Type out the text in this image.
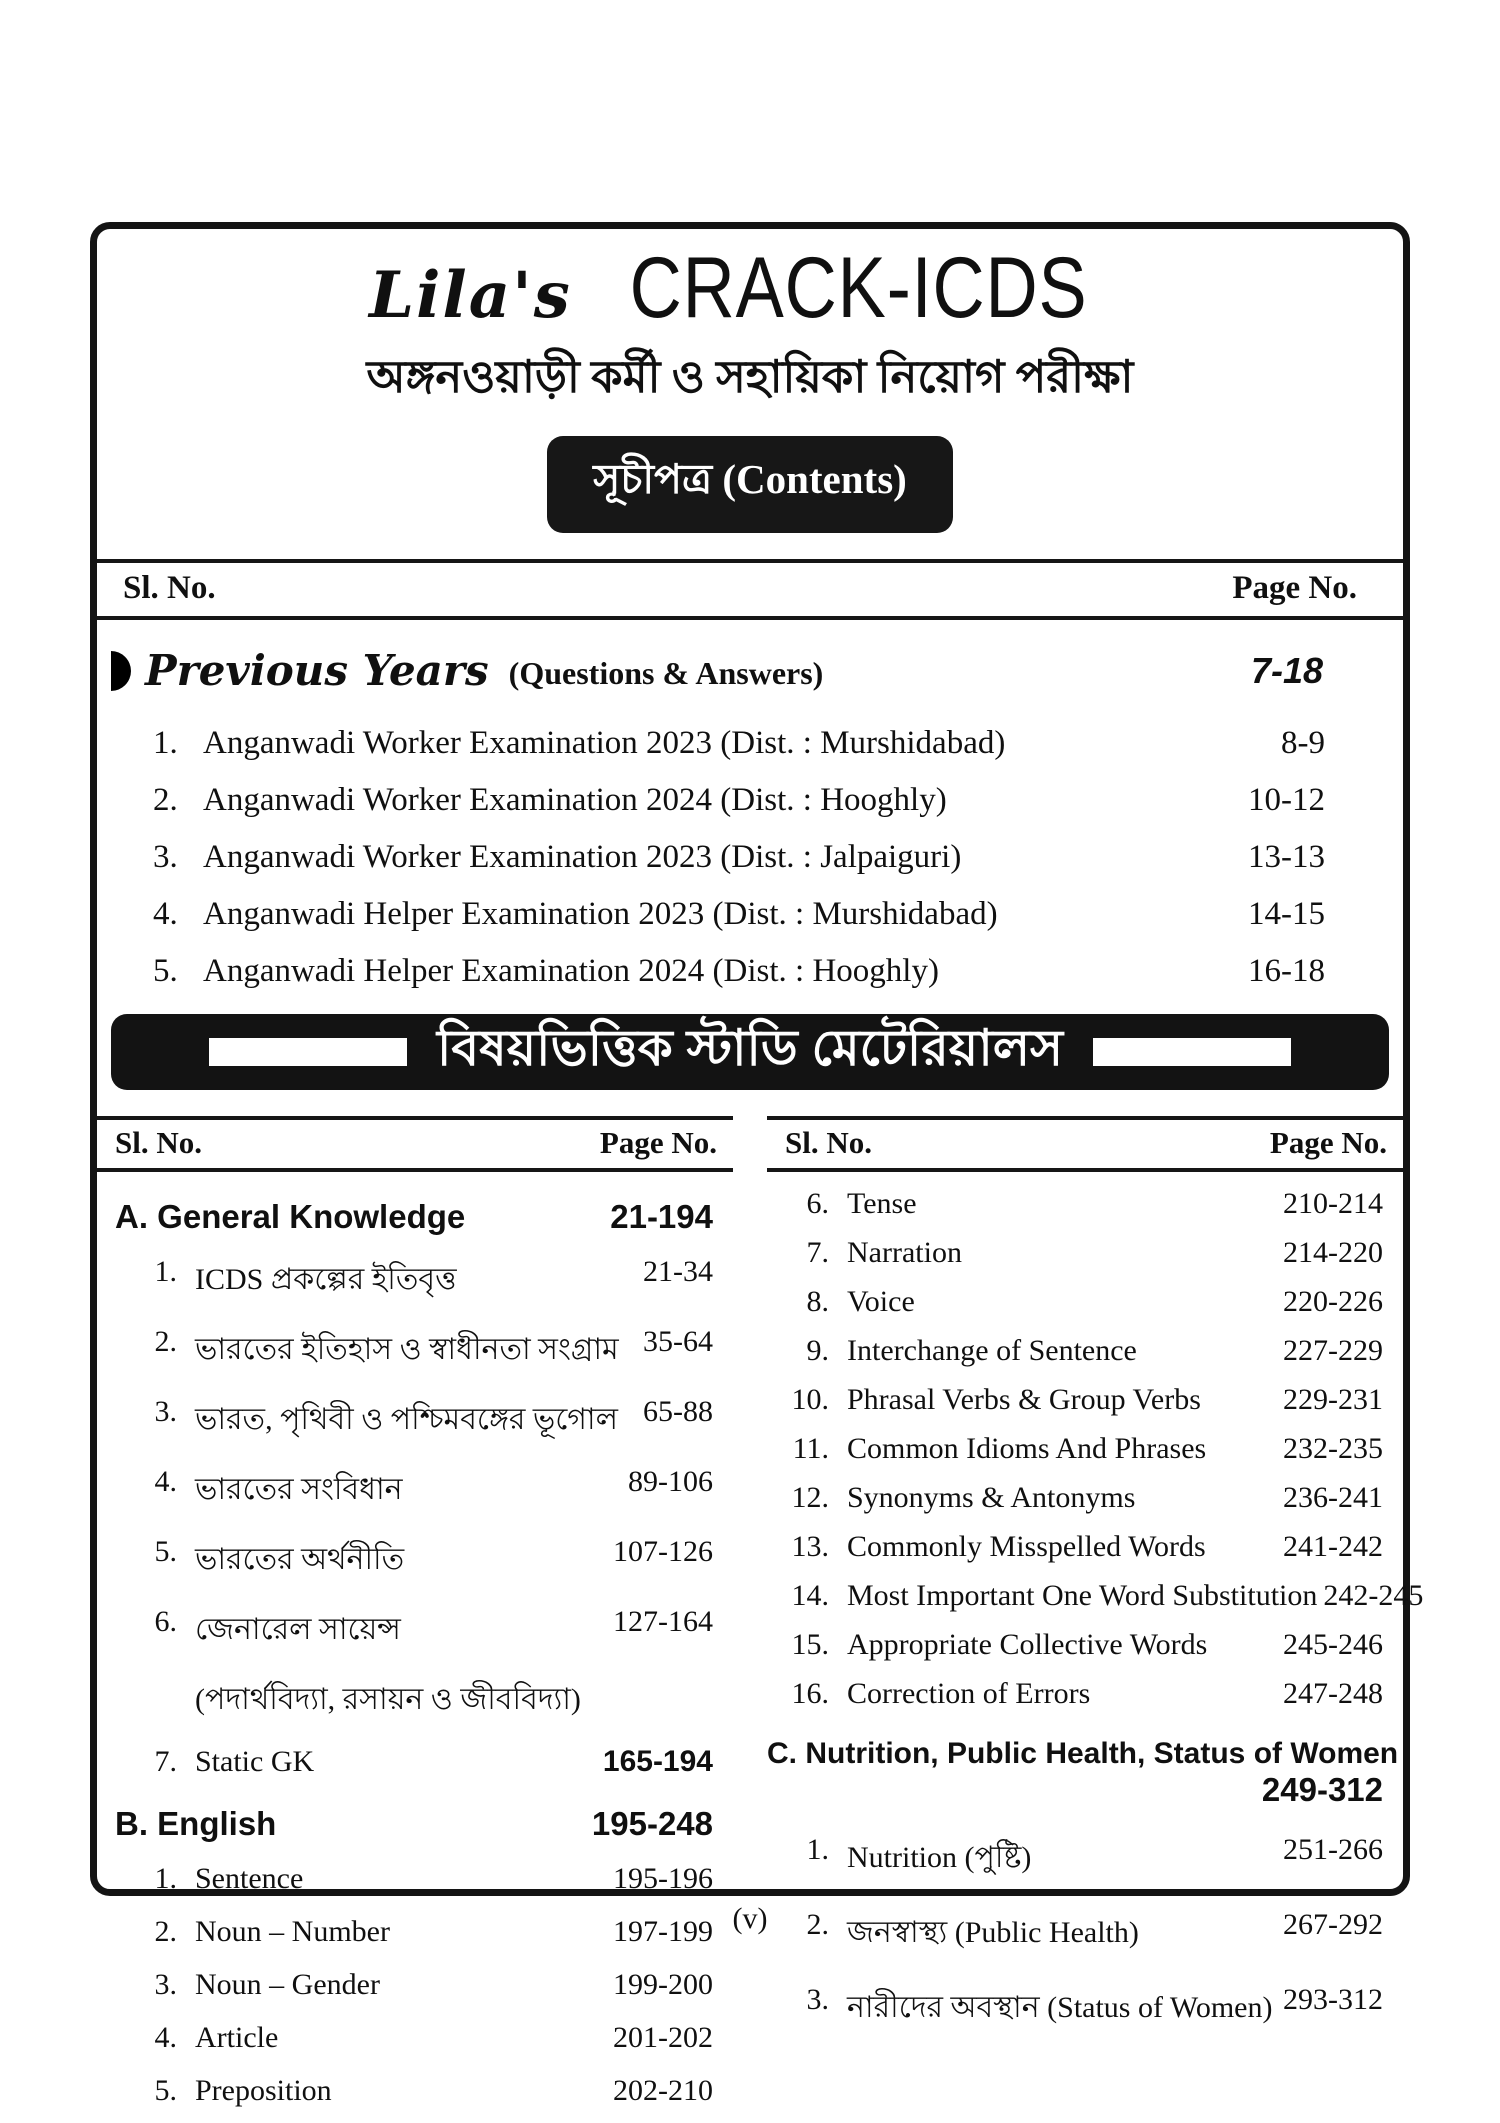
Lila's CRACK-ICDS
অঙ্গনওয়াড়ী কর্মী ও সহায়িকা নিয়োগ পরীক্ষা
সূচীপত্র (Contents)
Sl. No.	Page No.
Previous Years (Questions & Answers)	7-18
1. Anganwadi Worker Examination 2023 (Dist. : Murshidabad)	8-9
2. Anganwadi Worker Examination 2024 (Dist. : Hooghly)	10-12
3. Anganwadi Worker Examination 2023 (Dist. : Jalpaiguri)	13-13
4. Anganwadi Helper Examination 2023 (Dist. : Murshidabad)	14-15
5. Anganwadi Helper Examination 2024 (Dist. : Hooghly)	16-18
বিষয়ভিত্তিক স্টাডি মেটেরিয়ালস
Sl. No.	Page No.
A. General Knowledge	21-194
1. ICDS প্রকল্পের ইতিবৃত্ত	21-34
2. ভারতের ইতিহাস ও স্বাধীনতা সংগ্রাম 35-64
3. ভারত, পৃথিবী ও পশ্চিমবঙ্গের ভূগোল 65-88
4. ভারতের সংবিধান	89-106
5. ভারতের অর্থনীতি	107-126
6. জেনারেল সায়েন্স	127-164
(পদার্থবিদ্যা, রসায়ন ও জীববিদ্যা)
7. Static GK	165-194
B. English	195-248
1. Sentence	195-196
2. Noun – Number	197-199
3. Noun – Gender	199-200
4. Article	201-202
5. Preposition	202-210
Sl. No.	Page No.
6. Tense	210-214
7. Narration	214-220
8. Voice	220-226
9. Interchange of Sentence	227-229
10. Phrasal Verbs & Group Verbs	229-231
11. Common Idioms And Phrases	232-235
12. Synonyms & Antonyms	236-241
13. Commonly Misspelled Words	241-242
14. Most Important One Word Substitution 242-245
15. Appropriate Collective Words	245-246
16. Correction of Errors	247-248
C. Nutrition, Public Health, Status of Women
249-312
1. Nutrition (পুষ্টি)	251-266
2. জনস্বাস্থ্য (Public Health)	267-292
3. নারীদের অবস্থান (Status of Women) 293-312
(v)
